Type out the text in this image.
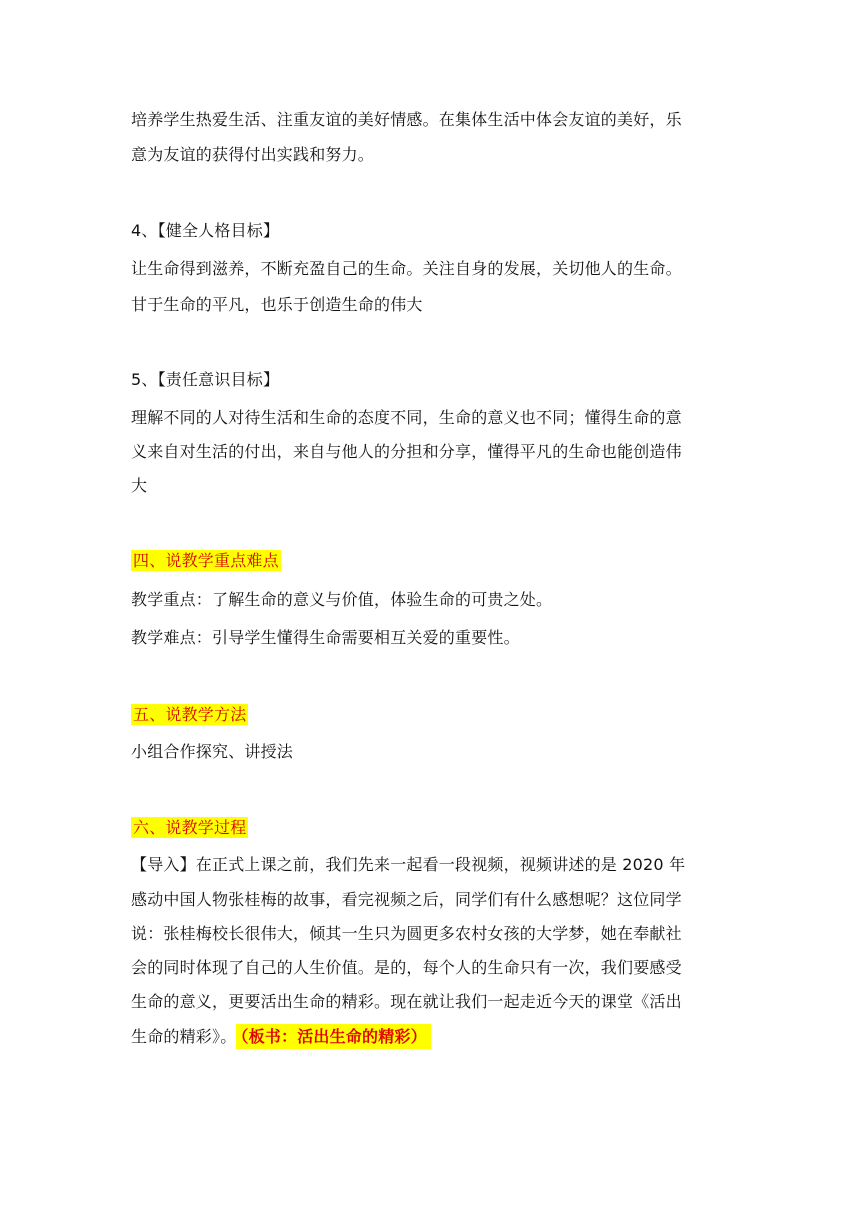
培养学生热爱生活、注重友谊的美好情感。在集体生活中体会友谊的美好，乐
意为友谊的获得付出实践和努力。
4、【健全人格目标】
让生命得到滋养，不断充盈自己的生命。关注自身的发展，关切他人的生命。
甘于生命的平凡，也乐于创造生命的伟大
5、【责任意识目标】
理解不同的人对待生活和生命的态度不同，生命的意义也不同；懂得生命的意
义来自对生活的付出，来自与他人的分担和分享，懂得平凡的生命也能创造伟
大
四、说教学重点难点
教学重点：了解生命的意义与价值，体验生命的可贵之处。
教学难点：引导学生懂得生命需要相互关爱的重要性。
五、说教学方法
小组合作探究、讲授法
六、说教学过程
【导入】在正式上课之前，我们先来一起看一段视频，视频讲述的是 2020 年
感动中国人物张桂梅的故事，看完视频之后，同学们有什么感想呢？这位同学
说：张桂梅校长很伟大，倾其一生只为圆更多农村女孩的大学梦，她在奉献社
会的同时体现了自己的人生价值。是的，每个人的生命只有一次，我们要感受
生命的意义，更要活出生命的精彩。现在就让我们一起走近今天的课堂《活出
生命的精彩》。 （板书：活出生命的精彩）
